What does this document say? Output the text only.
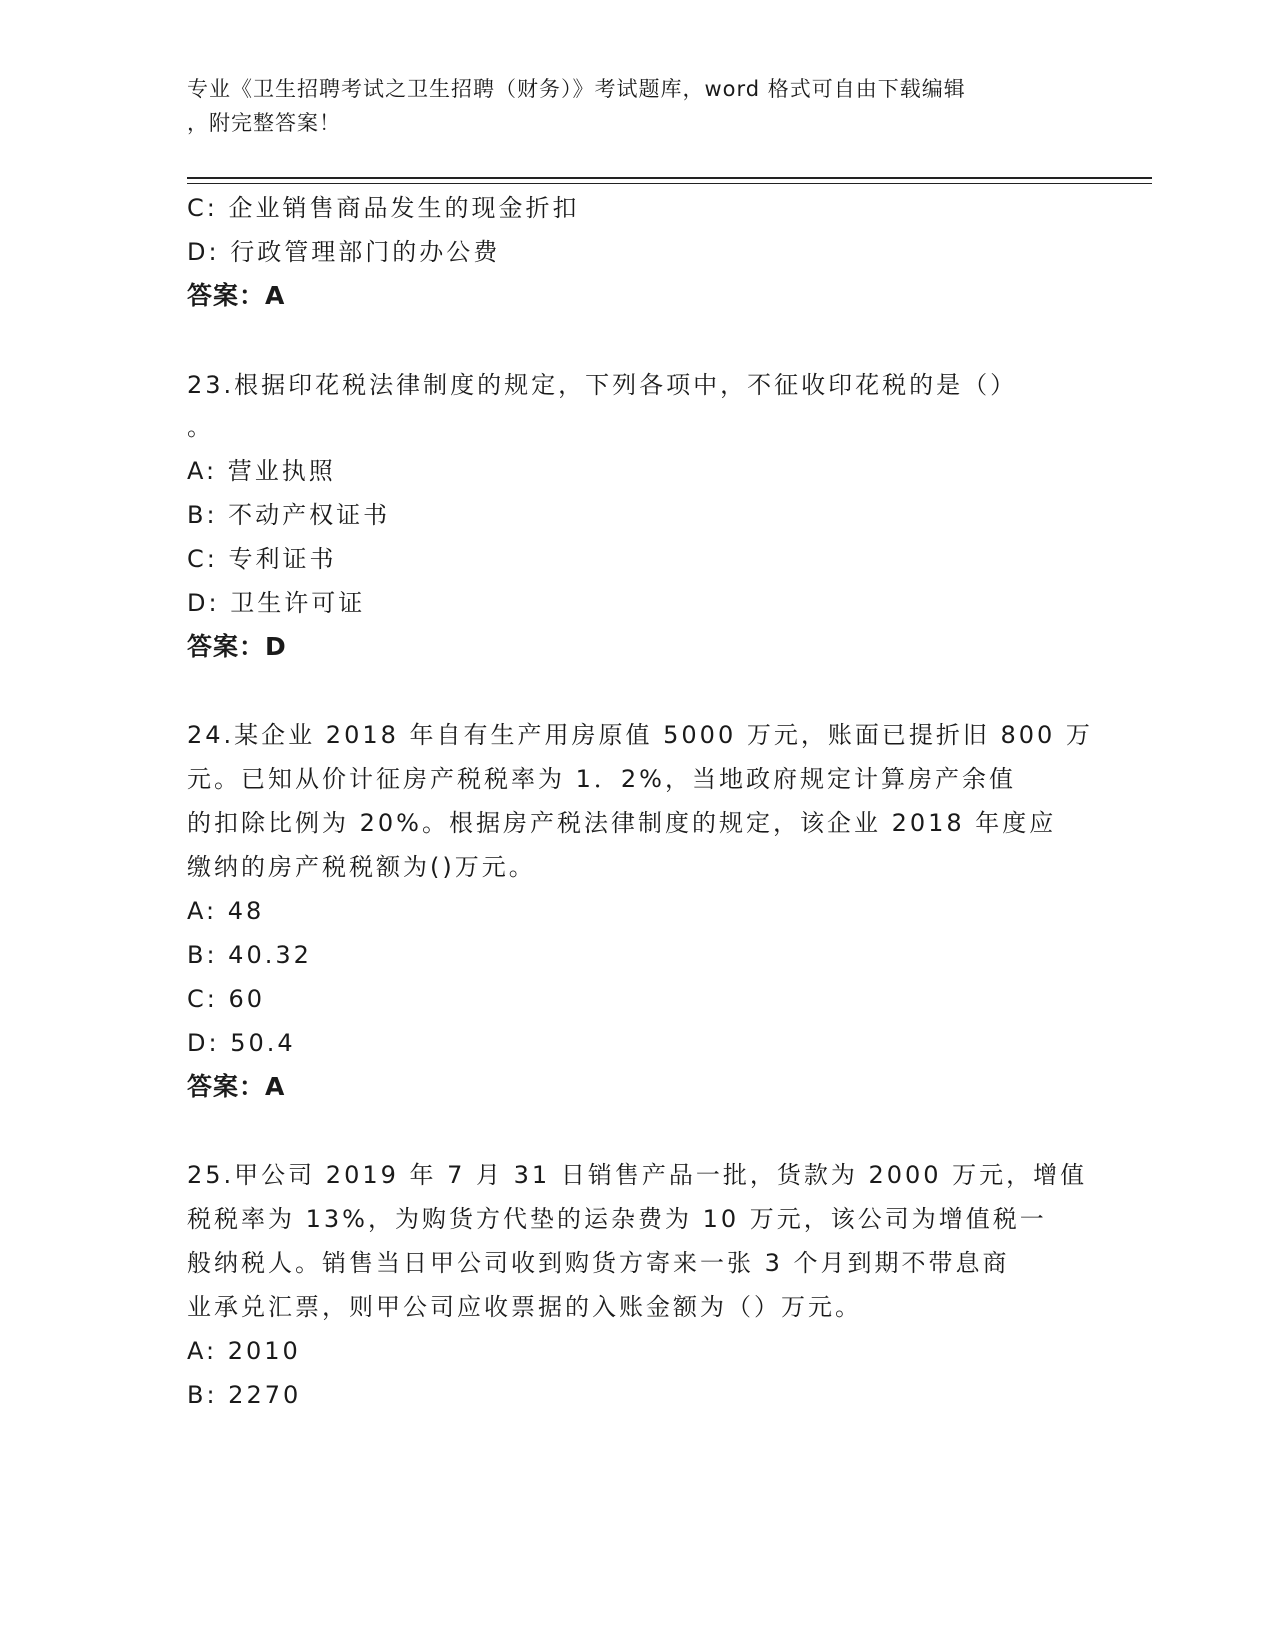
专业《卫生招聘考试之卫生招聘（财务）》考试题库，word 格式可自由下载编辑
，附完整答案！
C: 企业销售商品发生的现金折扣
D: 行政管理部门的办公费
答案：A
23.根据印花税法律制度的规定，下列各项中，不征收印花税的是（）
。
A: 营业执照
B: 不动产权证书
C: 专利证书
D: 卫生许可证
答案：D
24.某企业 2018 年自有生产用房原值 5000 万元，账面已提折旧 800 万
元。已知从价计征房产税税率为 1．2%，当地政府规定计算房产余值
的扣除比例为 20%。根据房产税法律制度的规定，该企业 2018 年度应
缴纳的房产税税额为()万元。
A: 48
B: 40.32
C: 60
D: 50.4
答案：A
25.甲公司 2019 年 7 月 31 日销售产品一批，货款为 2000 万元，增值
税税率为 13%，为购货方代垫的运杂费为 10 万元，该公司为增值税一
般纳税人。销售当日甲公司收到购货方寄来一张 3 个月到期不带息商
业承兑汇票，则甲公司应收票据的入账金额为（）万元。
A: 2010
B: 2270
